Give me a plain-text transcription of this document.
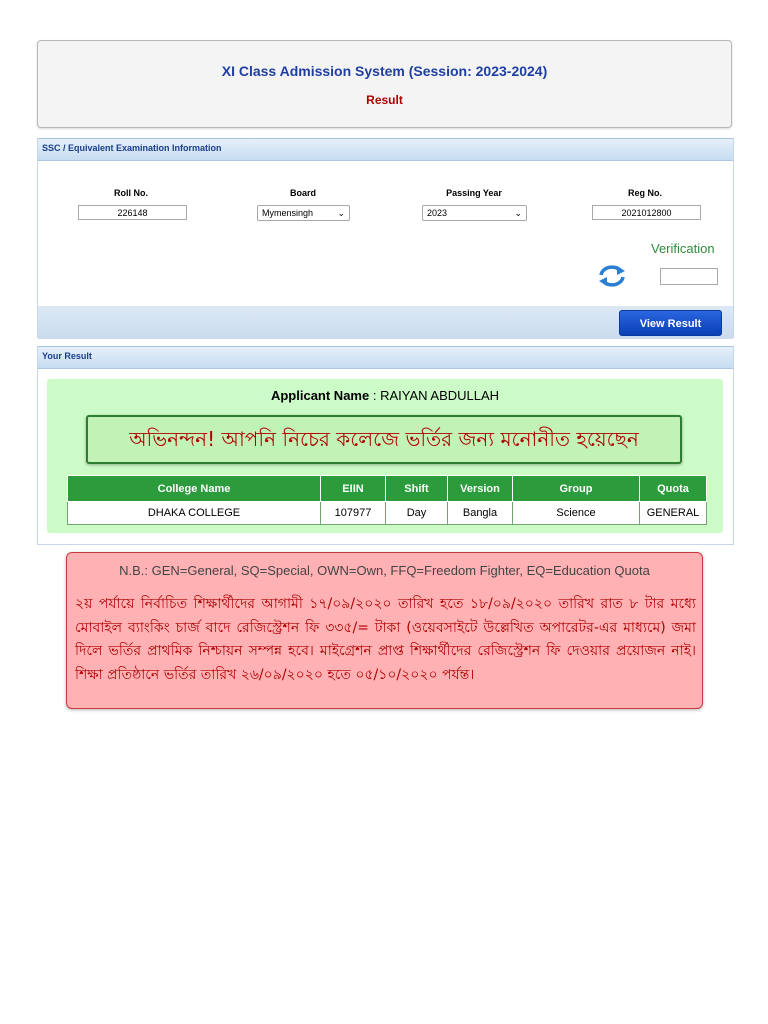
XI Class Admission System (Session: 2023-2024)
Result
SSC / Equivalent Examination Information
Roll No.
226148
Board
Mymensingh	⌄
Passing Year
2023	⌄
Reg No.
2021012800
Verification
View Result
Your Result
Applicant Name : RAIYAN ABDULLAH
অভিনন্দন! আপনি নিচের কলেজে ভর্তির জন্য মনোনীত হয়েছেন
College Name	EIIN	Shift	Version	Group	Quota
DHAKA COLLEGE	107977	Day	Bangla	Science	GENERAL
N.B.: GEN=General, SQ=Special, OWN=Own, FFQ=Freedom Fighter, EQ=Education Quota
২য় পর্যায়ে নির্বাচিত শিক্ষার্থীদের আগামী ১৭/০৯/২০২০ তারিখ হতে ১৮/০৯/২০২০ তারিখ রাত ৮ টার মধ্যে মোবাইল ব্যাংকিং চার্জ বাদে রেজিস্ট্রেশন ফি ৩৩৫/= টাকা (ওয়েবসাইটে উল্লেখিত অপারেটর-এর মাধ্যমে) জমা দিলে ভর্তির প্রাথমিক নিশ্চায়ন সম্পন্ন হবে। মাইগ্রেশন প্রাপ্ত শিক্ষার্থীদের রেজিস্ট্রেশন ফি দেওয়ার প্রয়োজন নাই। শিক্ষা প্রতিষ্ঠানে ভর্তির তারিখ ২৬/০৯/২০২০ হতে ০৫/১০/২০২০ পর্যন্ত।
